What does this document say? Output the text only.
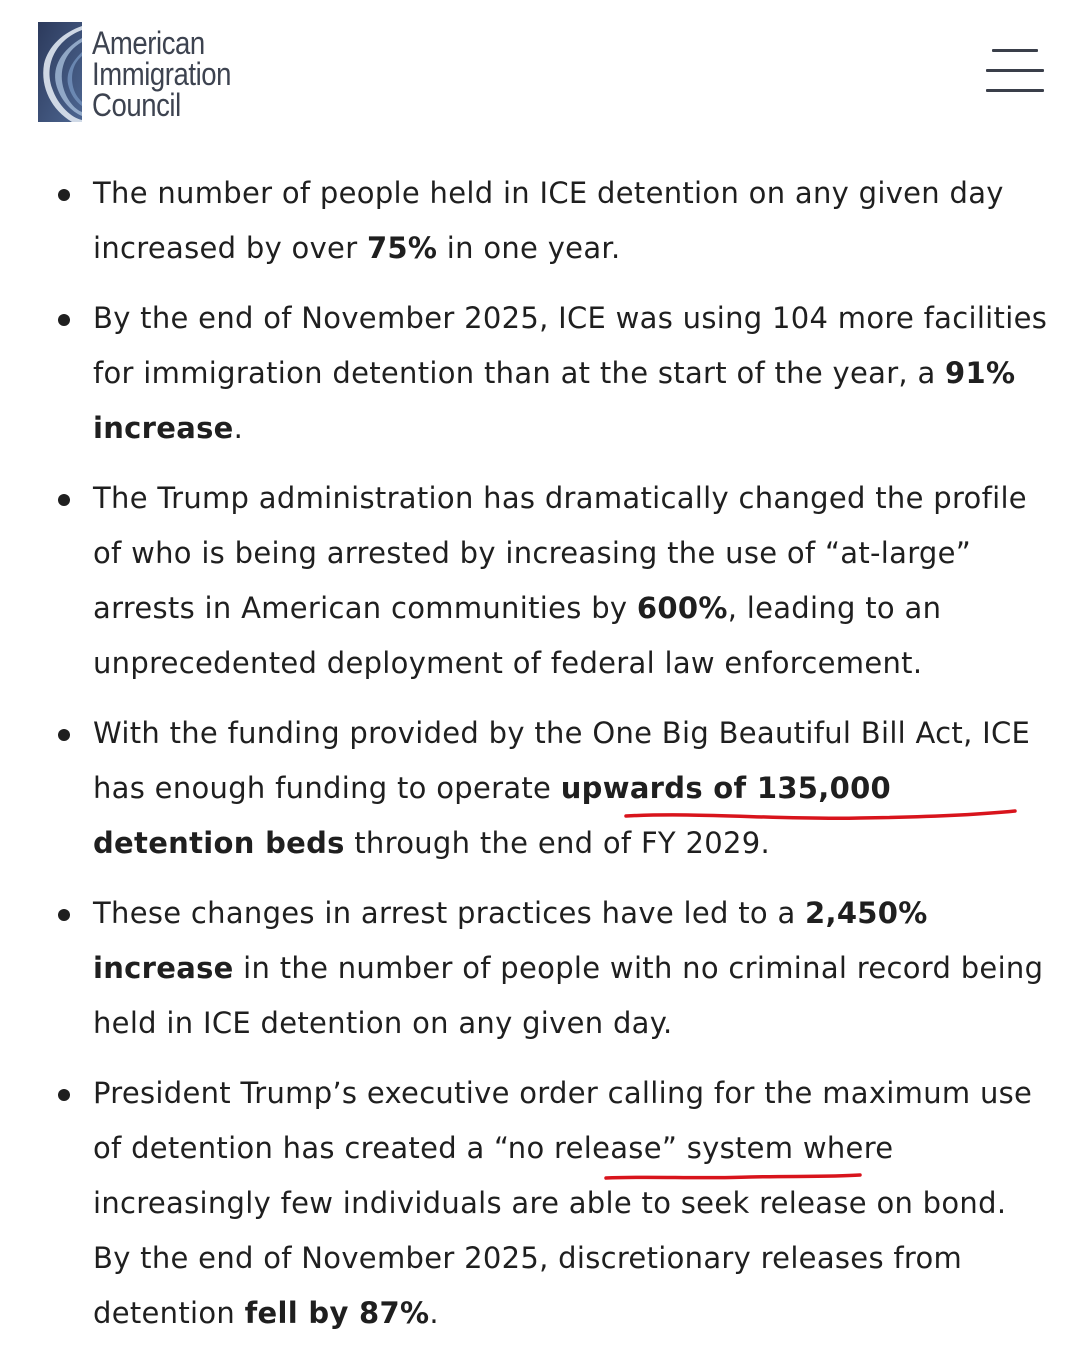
American
Immigration
Council
The number of people held in ICE detention on any given day increased by over 75% in one year.
By the end of November 2025, ICE was using 104 more facilities for immigration detention than at the start of the year, a 91% increase.
The Trump administration has dramatically changed the profile of who is being arrested by increasing the use of “at-large” arrests in American communities by 600%, leading to an unprecedented deployment of federal law enforcement.
With the funding provided by the One Big Beautiful Bill Act, ICE has enough funding to operate upwards of 135,000 detention beds through the end of FY 2029.
These changes in arrest practices have led to a 2,450% increase in the number of people with no criminal record being held in ICE detention on any given day.
President Trump’s executive order calling for the maximum use of detention has created a “no release” system where increasingly few individuals are able to seek release on bond. By the end of November 2025, discretionary releases from detention fell by 87%.
